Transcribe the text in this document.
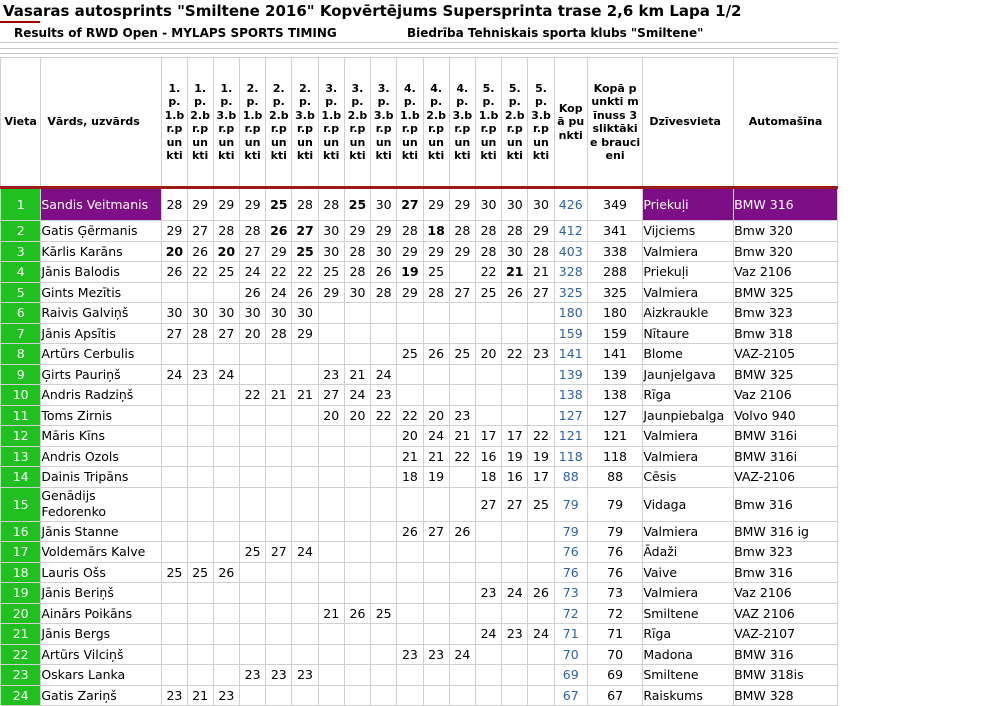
Vasaras autosprints "Smiltene 2016" Kopvērtējums Supersprinta trase 2,6 km Lapa 1/2
Results of RWD Open - MYLAPS SPORTS TIMING	Biedrība Tehniskais sporta klubs "Smiltene"
Vieta	Vārds, uzvārds	1.p.1.br.punkti	1.p.2.br.punkti	1.p.3.br.punkti	2.p.1.br.punkti	2.p.2.br.punkti	2.p.3.br.punkti	3.p.1.br.punkti	3.p.2.br.punkti	3.p.3.br.punkti	4.p.1.br.punkti	4.p.2.br.punkti	4.p.3.br.punkti	5.p.1.br.punkti	5.p.2.br.punkti	5.p.3.br.punkti	Kopā punkti	Kopā punkti mīnuss 3 sliktākie braucieni	Dzīvesvieta	Automašīna
1	Sandis Veitmanis	28	29	29	29	25	28	28	25	30	27	29	29	30	30	30	426	349	Priekuļi	BMW 316
2	Gatis Ģērmanis	29	27	28	28	26	27	30	29	29	28	18	28	28	28	29	412	341	Vijciems	Bmw 320
3	Kārlis Karāns	20	26	20	27	29	25	30	28	30	29	29	29	28	30	28	403	338	Valmiera	Bmw 320
4	Jānis Balodis	26	22	25	24	22	22	25	28	26	19	25		22	21	21	328	288	Priekuļi	Vaz 2106
5	Gints Mezītis				26	24	26	29	30	28	29	28	27	25	26	27	325	325	Valmiera	BMW 325
6	Raivis Galviņš	30	30	30	30	30	30										180	180	Aizkraukle	Bmw 323
7	Jānis Apsītis	27	28	27	20	28	29										159	159	Nītaure	Bmw 318
8	Artūrs Cerbulis										25	26	25	20	22	23	141	141	Blome	VAZ-2105
9	Ģirts Pauriņš	24	23	24				23	21	24							139	139	Jaunjelgava	BMW 325
10	Andris Radziņš				22	21	21	27	24	23							138	138	Rīga	Vaz 2106
11	Toms Zirnis							20	20	22	22	20	23				127	127	Jaunpiebalga	Volvo 940
12	Māris Kīns										20	24	21	17	17	22	121	121	Valmiera	BMW 316i
13	Andris Ozols										21	21	22	16	19	19	118	118	Valmiera	BMW 316i
14	Dainis Tripāns										18	19		18	16	17	88	88	Cēsis	VAZ-2106
15	Genādijs Fedorenko													27	27	25	79	79	Vidaga	Bmw 316
16	Jānis Stanne										26	27	26				79	79	Valmiera	BMW 316 ig
17	Voldemārs Kalve				25	27	24										76	76	Ādaži	Bmw 323
18	Lauris Ošs	25	25	26													76	76	Vaive	Bmw 316
19	Jānis Beriņš													23	24	26	73	73	Valmiera	Vaz 2106
20	Ainārs Poikāns							21	26	25							72	72	Smiltene	VAZ 2106
21	Jānis Bergs													24	23	24	71	71	Rīga	VAZ-2107
22	Artūrs Vilciņš										23	23	24				70	70	Madona	BMW 316
23	Oskars Lanka				23	23	23										69	69	Smiltene	BMW 318is
24	Gatis Zariņš	23	21	23													67	67	Raiskums	BMW 328
